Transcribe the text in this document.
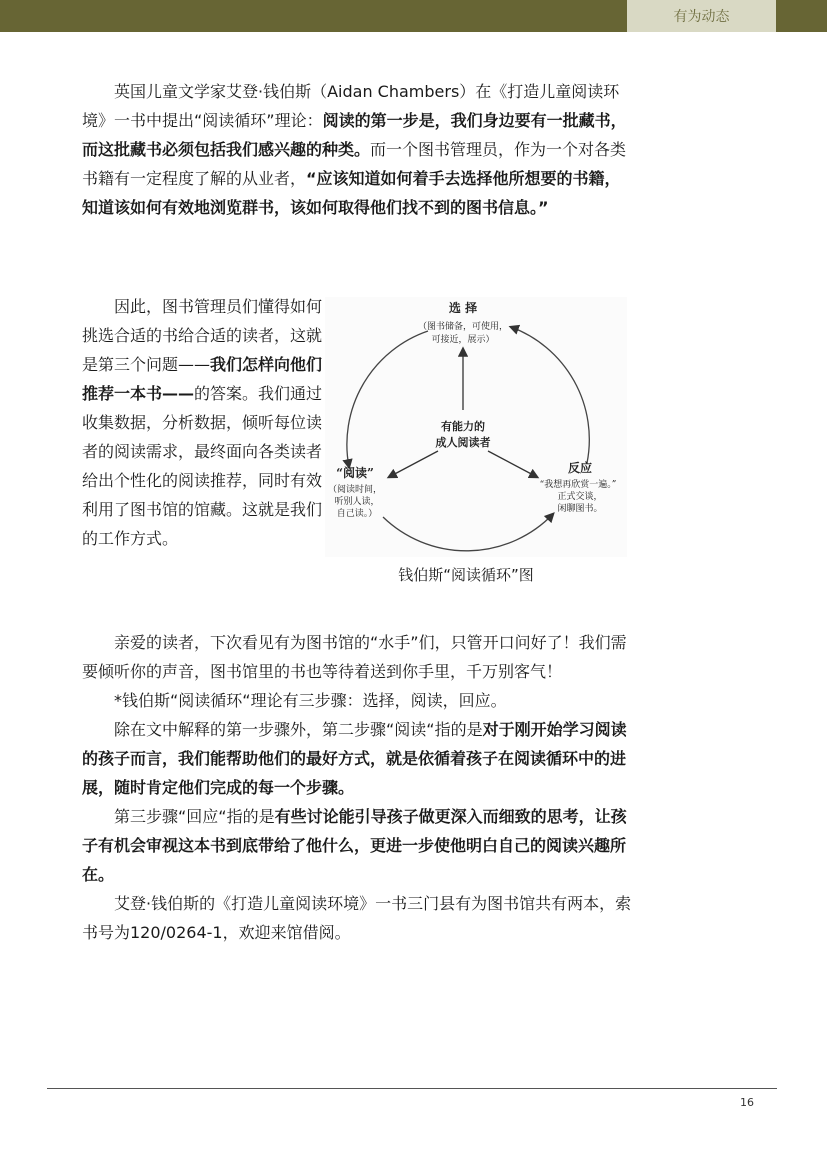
有为动态

英国儿童文学家艾登·钱伯斯（Aidan Chambers）在《打造儿童阅读环境》一书中提出“阅读循环”理论：阅读的第一步是，我们身边要有一批藏书，而这批藏书必须包括我们感兴趣的种类。而一个图书管理员，作为一个对各类书籍有一定程度了解的从业者，“应该知道如何着手去选择他所想要的书籍，知道该如何有效地浏览群书，该如何取得他们找不到的图书信息。”

因此，图书管理员们懂得如何挑选合适的书给合适的读者，这就是第三个问题——我们怎样向他们推荐一本书——的答案。我们通过收集数据，分析数据，倾听每位读者的阅读需求，最终面向各类读者给出个性化的阅读推荐，同时有效利用了图书馆的馆藏。这就是我们的工作方式。

选 择
（图书储备，可使用，
可接近，展示）
有能力的
成人阅读者
“阅读”
（阅读时间，
听别人读，
自己读。）
反应
“我想再欣赏一遍。”
正式交谈，
闲聊图书。
钱伯斯“阅读循环”图

亲爱的读者，下次看见有为图书馆的“水手”们，只管开口问好了！我们需要倾听你的声音，图书馆里的书也等待着送到你手里，千万别客气！

*钱伯斯“阅读循环“理论有三步骤：选择，阅读，回应。

除在文中解释的第一步骤外，第二步骤“阅读“指的是对于刚开始学习阅读的孩子而言，我们能帮助他们的最好方式，就是依循着孩子在阅读循环中的进展，随时肯定他们完成的每一个步骤。

第三步骤“回应“指的是有些讨论能引导孩子做更深入而细致的思考，让孩子有机会审视这本书到底带给了他什么，更进一步使他明白自己的阅读兴趣所在。

艾登·钱伯斯的《打造儿童阅读环境》一书三门县有为图书馆共有两本，索书号为120/0264-1，欢迎来馆借阅。

16
